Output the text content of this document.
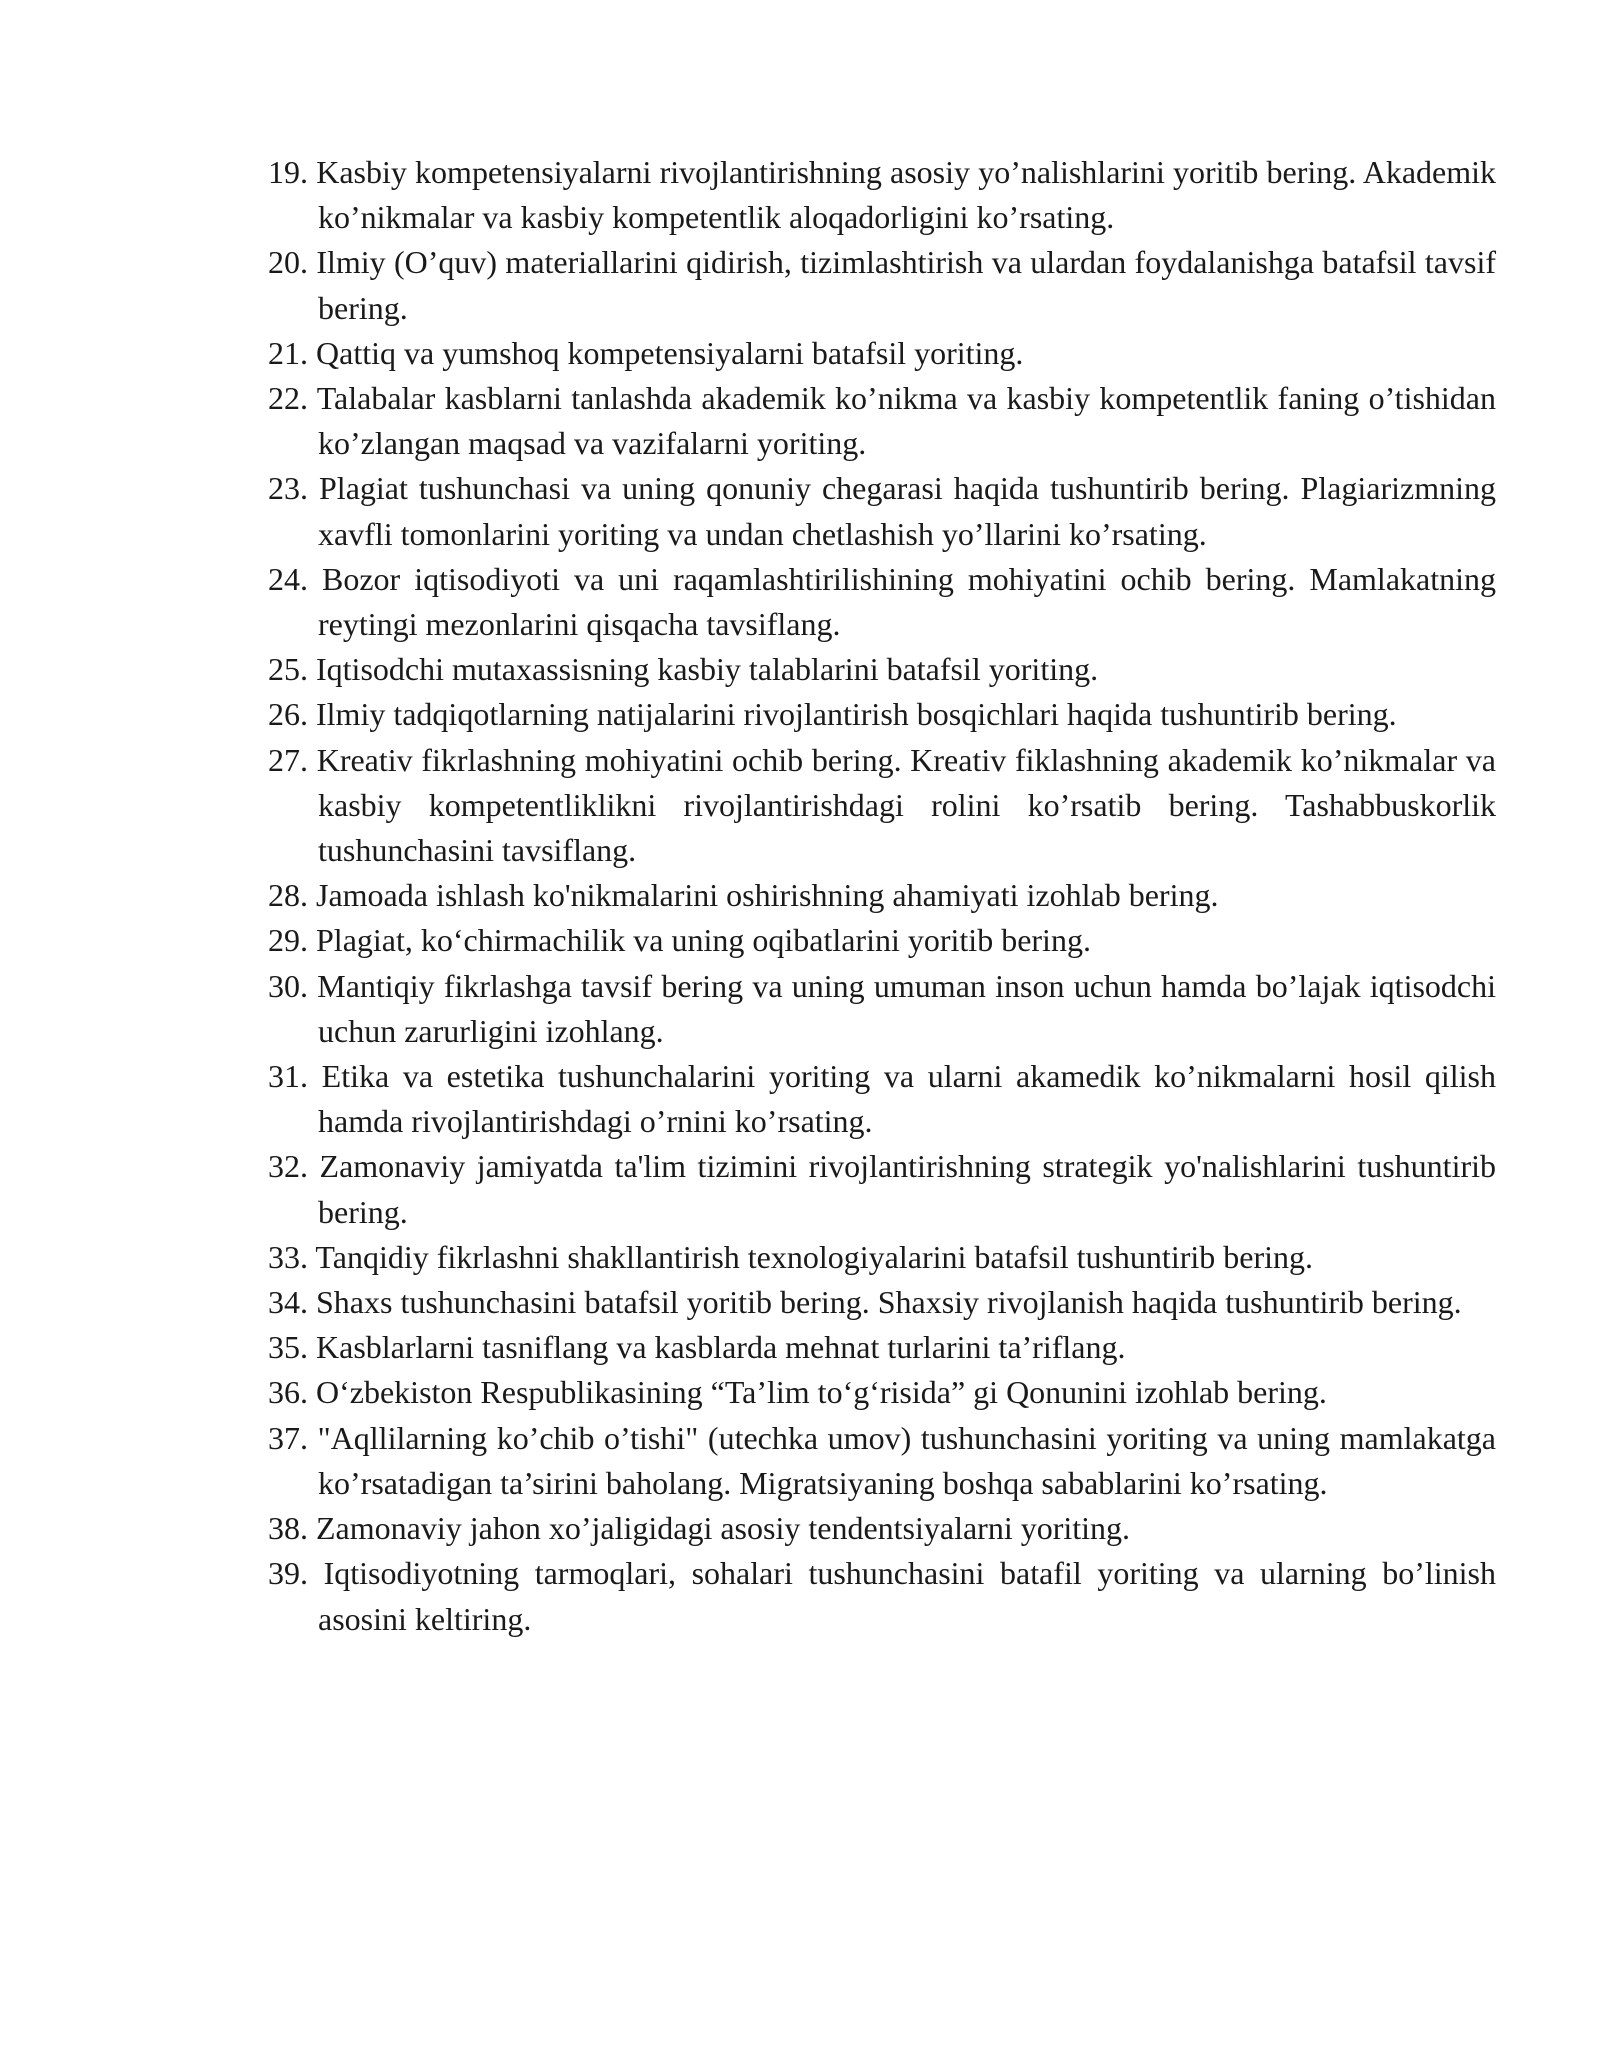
19. Kasbiy kompetensiyalarni rivojlantirishning asosiy yo’nalishlarini yoritib bering. Akademik ko’nikmalar va kasbiy kompetentlik aloqadorligini ko’rsating.
20. Ilmiy (O’quv) materiallarini qidirish, tizimlashtirish va ulardan foydalanishga batafsil tavsif bering.
21. Qattiq va yumshoq kompetensiyalarni batafsil yoriting.
22. Talabalar kasblarni tanlashda akademik ko’nikma va kasbiy kompetentlik faning o’tishidan ko’zlangan maqsad va vazifalarni yoriting.
23. Plagiat tushunchasi va uning qonuniy chegarasi haqida tushuntirib bering. Plagiarizmning xavfli tomonlarini yoriting va undan chetlashish yo’llarini ko’rsating.
24. Bozor iqtisodiyoti va uni raqamlashtirilishining mohiyatini ochib bering. Mamlakatning reytingi mezonlarini qisqacha tavsiflang.
25. Iqtisodchi mutaxassisning kasbiy talablarini batafsil yoriting.
26. Ilmiy tadqiqotlarning natijalarini rivojlantirish bosqichlari haqida tushuntirib bering.
27. Kreativ fikrlashning mohiyatini ochib bering. Kreativ fiklashning akademik ko’nikmalar va kasbiy kompetentliklikni rivojlantirishdagi rolini ko’rsatib bering. Tashabbuskorlik tushunchasini tavsiflang.
28. Jamoada ishlash ko'nikmalarini oshirishning ahamiyati izohlab bering.
29. Plagiat, ko‘chirmachilik va uning oqibatlarini yoritib bering.
30. Mantiqiy fikrlashga tavsif bering va uning umuman inson uchun hamda bo’lajak iqtisodchi uchun zarurligini izohlang.
31. Etika va estetika tushunchalarini yoriting va ularni akamedik ko’nikmalarni hosil qilish hamda rivojlantirishdagi o’rnini ko’rsating.
32. Zamonaviy jamiyatda ta'lim tizimini rivojlantirishning strategik yo'nalishlarini tushuntirib bering.
33. Tanqidiy fikrlashni shakllantirish texnologiyalarini batafsil tushuntirib bering.
34. Shaxs tushunchasini batafsil yoritib bering. Shaxsiy rivojlanish haqida tushuntirib bering.
35. Kasblarlarni tasniflang va kasblarda mehnat turlarini ta’riflang.
36. O‘zbekiston Respublikasining “Ta’lim to‘g‘risida” gi Qonunini izohlab bering.
37. "Aqllilarning ko’chib o’tishi" (utechka umov) tushunchasini yoriting va uning mamlakatga ko’rsatadigan ta’sirini baholang. Migratsiyaning boshqa sabablarini ko’rsating.
38. Zamonaviy jahon xo’jaligidagi asosiy tendentsiyalarni yoriting.
39. Iqtisodiyotning tarmoqlari, sohalari tushunchasini batafil yoriting va ularning bo’linish asosini keltiring.
